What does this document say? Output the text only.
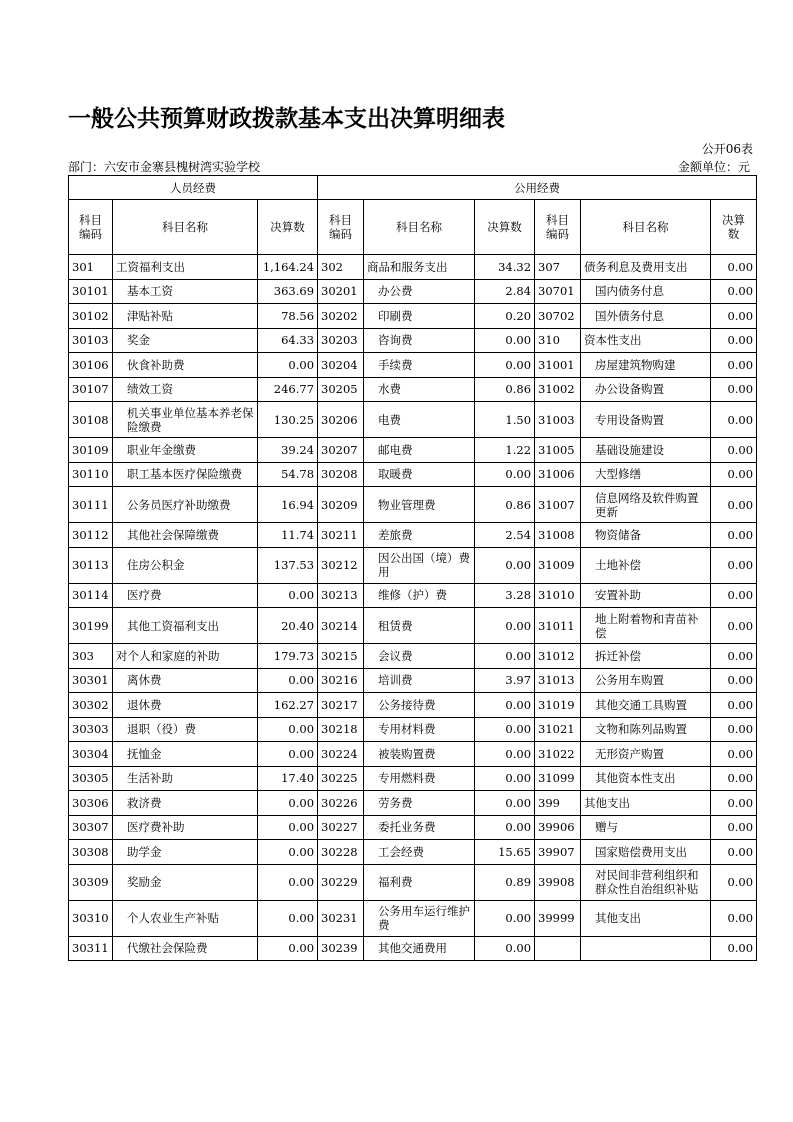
一般公共预算财政拨款基本支出决算明细表
公开06表
部门：六安市金寨县槐树湾实验学校	金额单位：元
人员经费			公用经费					
科目编码	科目名称	决算数	科目编码	科目名称	决算数	科目编码	科目名称	决算数
301	工资福利支出	1,164.24	302	商品和服务支出	34.32	307	债务利息及费用支出	0.00
30101	基本工资	363.69	30201	办公费	2.84	30701	国内债务付息	0.00
30102	津贴补贴	78.56	30202	印刷费	0.20	30702	国外债务付息	0.00
30103	奖金	64.33	30203	咨询费	0.00	310	资本性支出	0.00
30106	伙食补助费	0.00	30204	手续费	0.00	31001	房屋建筑物购建	0.00
30107	绩效工资	246.77	30205	水费	0.86	31002	办公设备购置	0.00
30108	机关事业单位基本养老保险缴费	130.25	30206	电费	1.50	31003	专用设备购置	0.00
30109	职业年金缴费	39.24	30207	邮电费	1.22	31005	基础设施建设	0.00
30110	职工基本医疗保险缴费	54.78	30208	取暖费	0.00	31006	大型修缮	0.00
30111	公务员医疗补助缴费	16.94	30209	物业管理费	0.86	31007	信息网络及软件购置更新	0.00
30112	其他社会保障缴费	11.74	30211	差旅费	2.54	31008	物资储备	0.00
30113	住房公积金	137.53	30212	因公出国（境）费用	0.00	31009	土地补偿	0.00
30114	医疗费	0.00	30213	维修（护）费	3.28	31010	安置补助	0.00
30199	其他工资福利支出	20.40	30214	租赁费	0.00	31011	地上附着物和青苗补偿	0.00
303	对个人和家庭的补助	179.73	30215	会议费	0.00	31012	拆迁补偿	0.00
30301	离休费	0.00	30216	培训费	3.97	31013	公务用车购置	0.00
30302	退休费	162.27	30217	公务接待费	0.00	31019	其他交通工具购置	0.00
30303	退职（役）费	0.00	30218	专用材料费	0.00	31021	文物和陈列品购置	0.00
30304	抚恤金	0.00	30224	被装购置费	0.00	31022	无形资产购置	0.00
30305	生活补助	17.40	30225	专用燃料费	0.00	31099	其他资本性支出	0.00
30306	救济费	0.00	30226	劳务费	0.00	399	其他支出	0.00
30307	医疗费补助	0.00	30227	委托业务费	0.00	39906	赠与	0.00
30308	助学金	0.00	30228	工会经费	15.65	39907	国家赔偿费用支出	0.00
30309	奖励金	0.00	30229	福利费	0.89	39908	对民间非营利组织和群众性自治组织补贴	0.00
30310	个人农业生产补贴	0.00	30231	公务用车运行维护费	0.00	39999	其他支出	0.00
30311	代缴社会保险费	0.00	30239	其他交通费用	0.00			0.00
